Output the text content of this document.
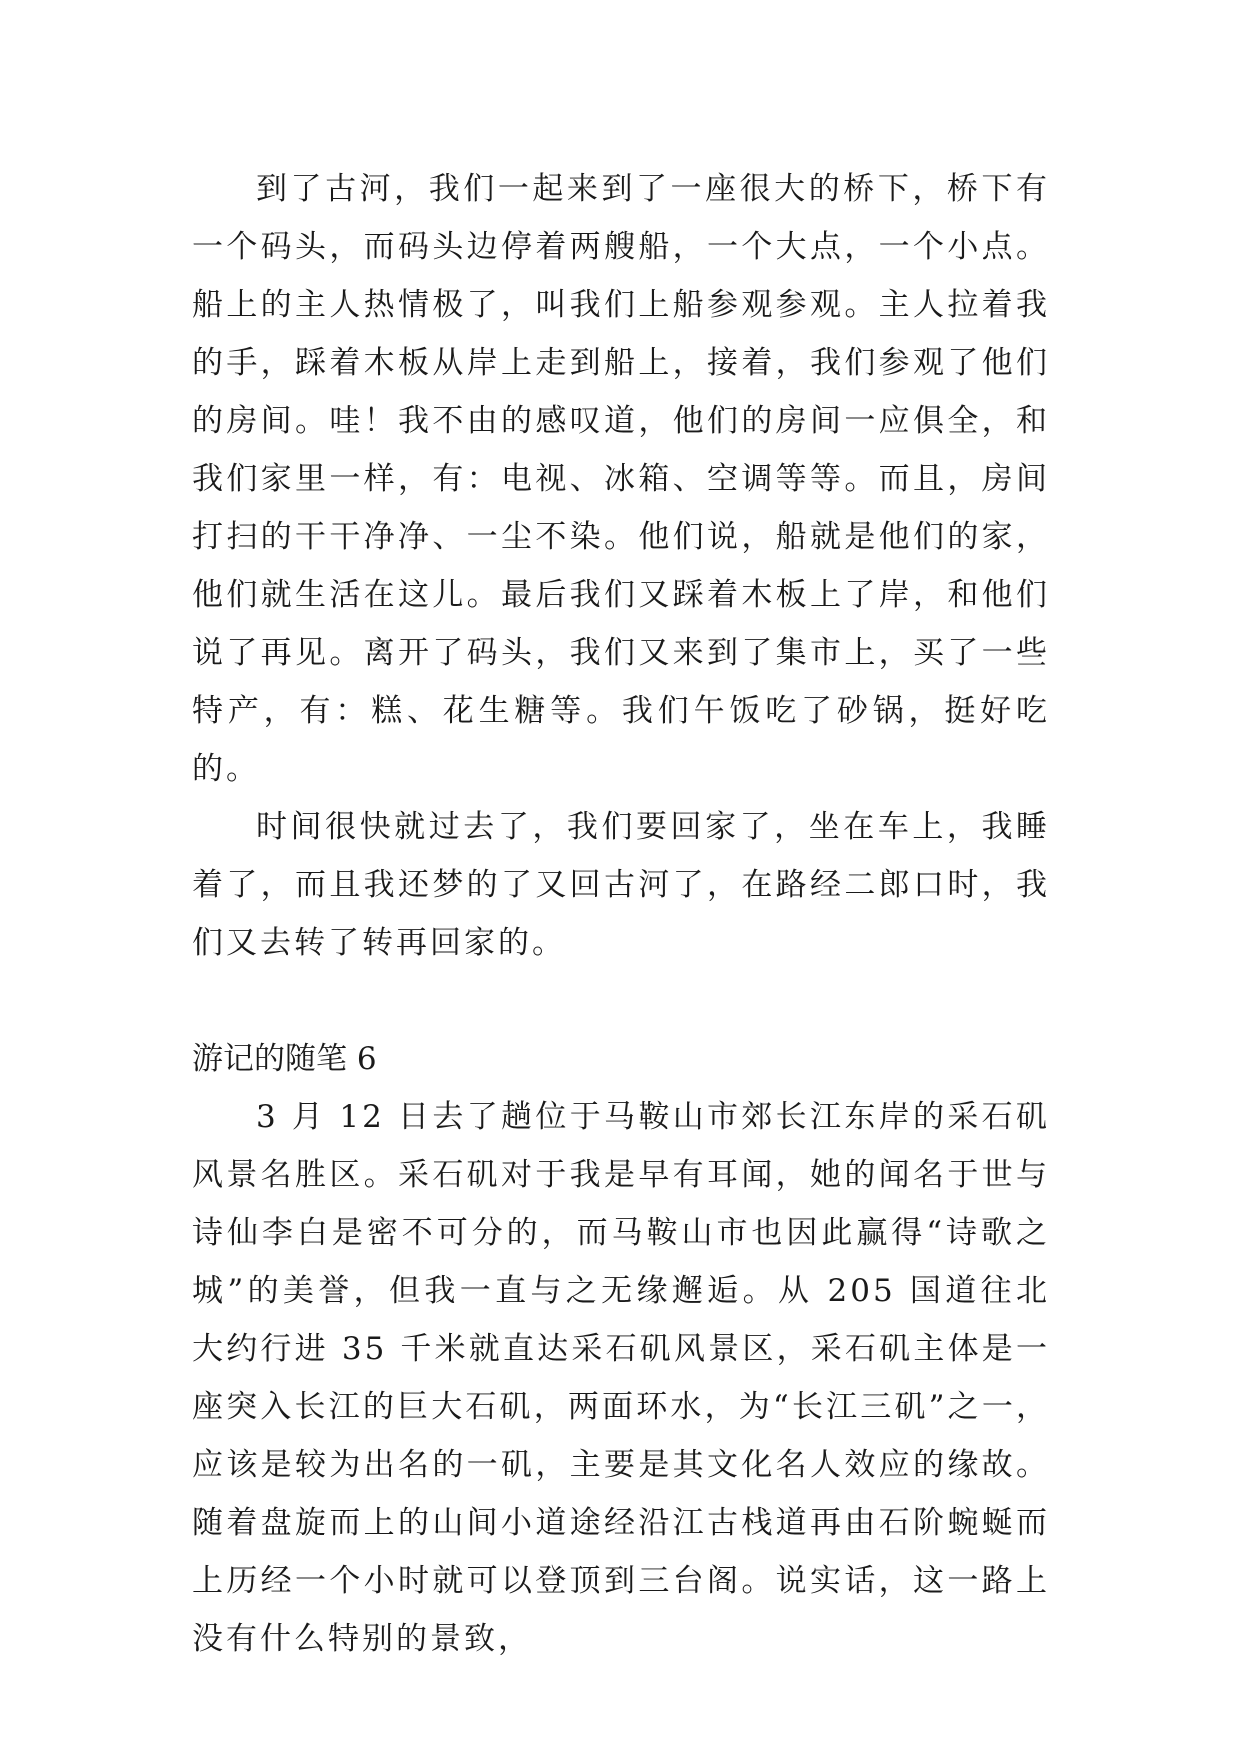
到了古河，我们一起来到了一座很大的桥下，桥下有一个码头，而码头边停着两艘船，一个大点，一个小点。船上的主人热情极了，叫我们上船参观参观。主人拉着我的手，踩着木板从岸上走到船上，接着，我们参观了他们的房间。哇！我不由的感叹道，他们的房间一应俱全，和我们家里一样，有：电视、冰箱、空调等等。而且，房间打扫的干干净净、一尘不染。他们说，船就是他们的家，他们就生活在这儿。最后我们又踩着木板上了岸，和他们说了再见。离开了码头，我们又来到了集市上，买了一些特产，有：糕、花生糖等。我们午饭吃了砂锅，挺好吃的。

时间很快就过去了，我们要回家了，坐在车上，我睡着了，而且我还梦的了又回古河了，在路经二郎口时，我们又去转了转再回家的。

游记的随笔 6

3 月 12 日去了趟位于马鞍山市郊长江东岸的采石矶风景名胜区。采石矶对于我是早有耳闻，她的闻名于世与诗仙李白是密不可分的，而马鞍山市也因此赢得“诗歌之城”的美誉，但我一直与之无缘邂逅。从 205 国道往北大约行进 35 千米就直达采石矶风景区，采石矶主体是一座突入长江的巨大石矶，两面环水，为“长江三矶”之一，应该是较为出名的一矶，主要是其文化名人效应的缘故。随着盘旋而上的山间小道途经沿江古栈道再由石阶蜿蜒而上历经一个小时就可以登顶到三台阁。说实话，这一路上没有什么特别的景致，
